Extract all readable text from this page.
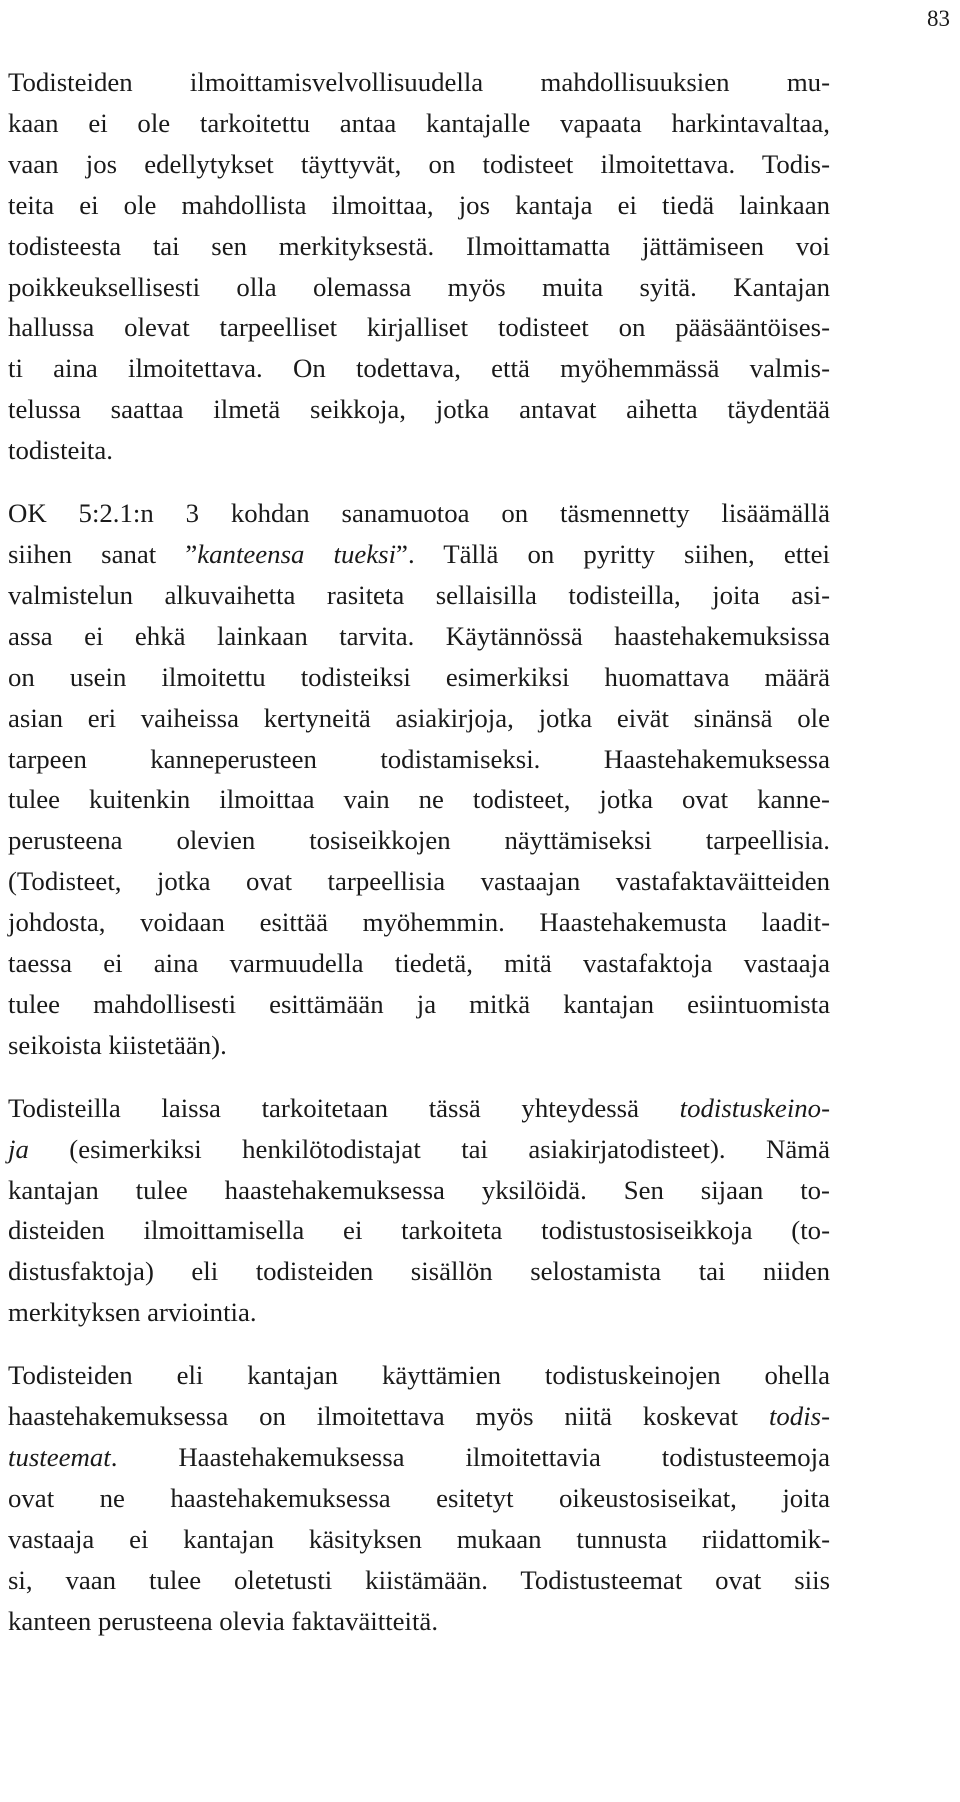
83

Todisteiden ilmoittamisvelvollisuudella mahdollisuuksien mu-
kaan ei ole tarkoitettu antaa kantajalle vapaata harkintavaltaa,
vaan jos edellytykset täyttyvät, on todisteet ilmoitettava. Todis-
teita ei ole mahdollista ilmoittaa, jos kantaja ei tiedä lainkaan
todisteesta tai sen merkityksestä. Ilmoittamatta jättämiseen voi
poikkeuksellisesti olla olemassa myös muita syitä. Kantajan
hallussa olevat tarpeelliset kirjalliset todisteet on pääsääntöises-
ti aina ilmoitettava. On todettava, että myöhemmässä valmis-
telussa saattaa ilmetä seikkoja, jotka antavat aihetta täydentää
todisteita.

OK 5:2.1:n 3 kohdan sanamuotoa on täsmennetty lisäämällä
siihen sanat ”kanteensa tueksi”. Tällä on pyritty siihen, ettei
valmistelun alkuvaihetta rasiteta sellaisilla todisteilla, joita asi-
assa ei ehkä lainkaan tarvita. Käytännössä haastehakemuksissa
on usein ilmoitettu todisteiksi esimerkiksi huomattava määrä
asian eri vaiheissa kertyneitä asiakirjoja, jotka eivät sinänsä ole
tarpeen kanneperusteen todistamiseksi. Haastehakemuksessa
tulee kuitenkin ilmoittaa vain ne todisteet, jotka ovat kanne-
perusteena olevien tosiseikkojen näyttämiseksi tarpeellisia.
(Todisteet, jotka ovat tarpeellisia vastaajan vastafaktaväitteiden
johdosta, voidaan esittää myöhemmin. Haastehakemusta laadit-
taessa ei aina varmuudella tiedetä, mitä vastafaktoja vastaaja
tulee mahdollisesti esittämään ja mitkä kantajan esiintuomista
seikoista kiistetään).

Todisteilla laissa tarkoitetaan tässä yhteydessä todistuskeino-
ja (esimerkiksi henkilötodistajat tai asiakirjatodisteet). Nämä
kantajan tulee haastehakemuksessa yksilöidä. Sen sijaan to-
disteiden ilmoittamisella ei tarkoiteta todistustosiseikkoja (to-
distusfaktoja) eli todisteiden sisällön selostamista tai niiden
merkityksen arviointia.

Todisteiden eli kantajan käyttämien todistuskeinojen ohella
haastehakemuksessa on ilmoitettava myös niitä koskevat todis-
tusteemat. Haastehakemuksessa ilmoitettavia todistusteemoja
ovat ne haastehakemuksessa esitetyt oikeustosiseikat, joita
vastaaja ei kantajan käsityksen mukaan tunnusta riidattomik-
si, vaan tulee oletetusti kiistämään. Todistusteemat ovat siis
kanteen perusteena olevia faktaväitteitä.
